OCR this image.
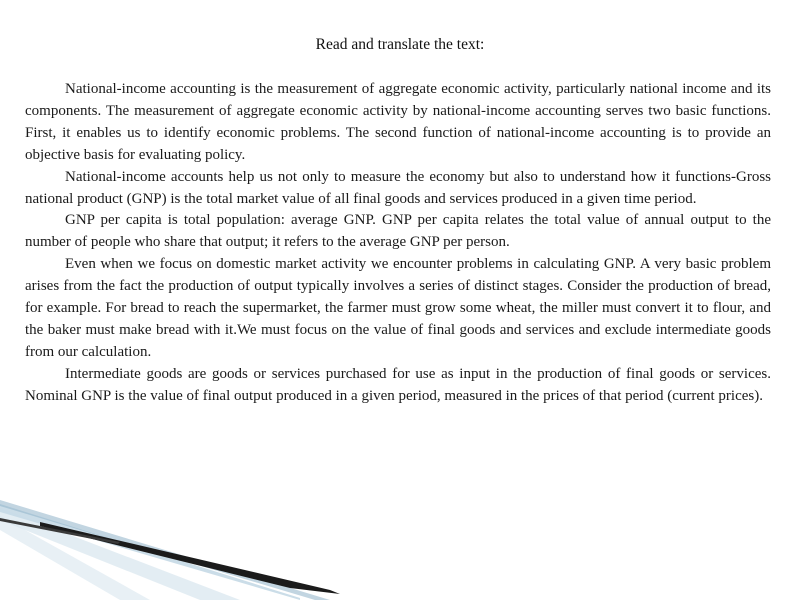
Read and translate the text:

National-income accounting is the measurement of aggregate economic activity, particularly national income and its components. The measurement of aggregate economic activity by national-income accounting serves two basic functions. First, it enables us to identify economic problems. The second function of national-income accounting is to provide an objective basis for evaluating policy.

National-income accounts help us not only to measure the economy but also to understand how it functions-Gross national product (GNP) is the total market value of all final goods and services produced in a given time period.

GNP per capita is total population: average GNP. GNP per capita relates the total value of annual output to the number of people who share that output; it refers to the average GNP per person.

Even when we focus on domestic market activity we encounter problems in calculating GNP. A very basic problem arises from the fact the production of output typically involves a series of distinct stages. Consider the production of bread, for example. For bread to reach the supermarket, the farmer must grow some wheat, the miller must convert it to flour, and the baker must make bread with it.We must focus on the value of final goods and services and exclude intermediate goods from our calculation.

Intermediate goods are goods or services purchased for use as input in the production of final goods or services. Nominal GNP is the value of final output produced in a given period, measured in the prices of that period (current prices).
